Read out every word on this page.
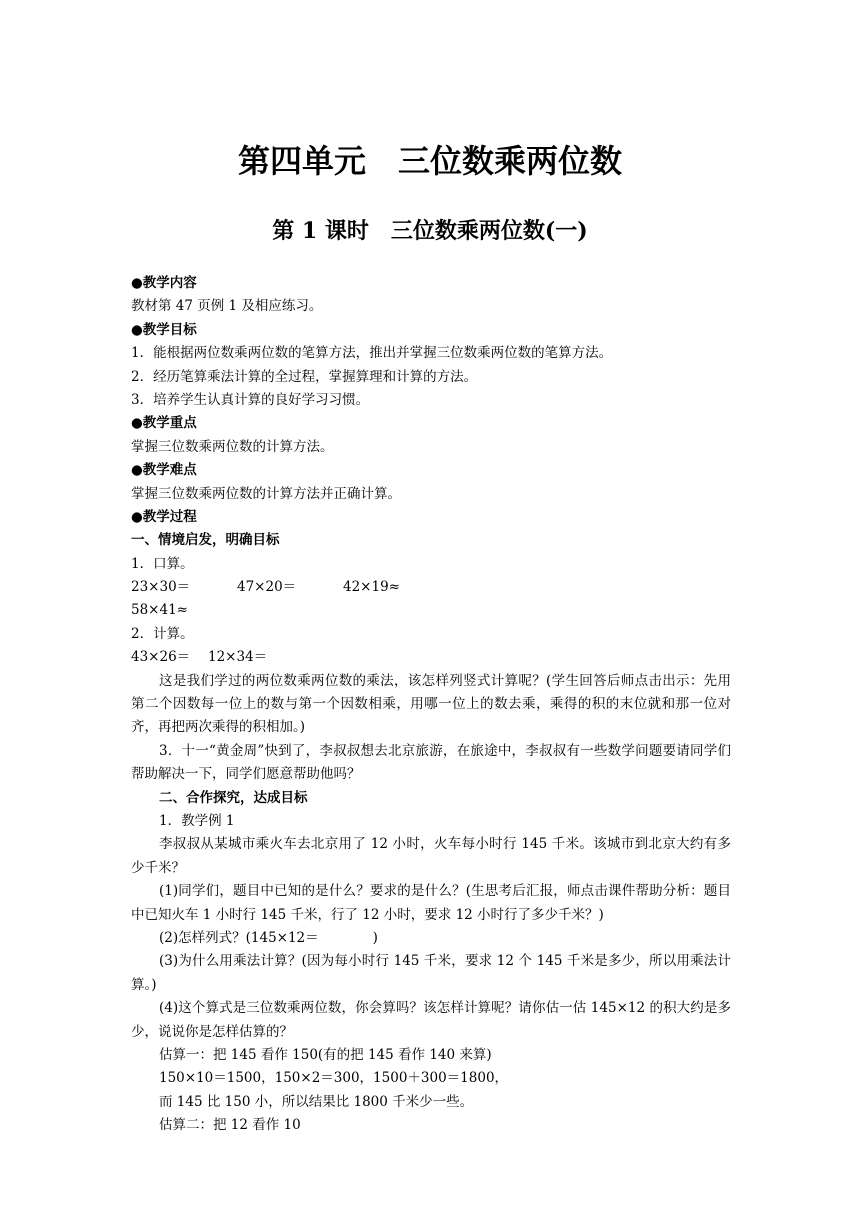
第四单元　三位数乘两位数
第 1 课时　三位数乘两位数(一)
●教学内容
教材第 47 页例 1 及相应练习。
●教学目标
1．能根据两位数乘两位数的笔算方法，推出并掌握三位数乘两位数的笔算方法。
2．经历笔算乘法计算的全过程，掌握算理和计算的方法。
3．培养学生认真计算的良好学习习惯。
●教学重点
掌握三位数乘两位数的计算方法。
●教学难点
掌握三位数乘两位数的计算方法并正确计算。
●教学过程
一、情境启发，明确目标
1．口算。
23×30＝	47×20＝	42×19≈
58×41≈
2．计算。
43×26＝ 12×34＝
这是我们学过的两位数乘两位数的乘法，该怎样列竖式计算呢？(学生回答后师点击出示：先用第二个因数每一位上的数与第一个因数相乘，用哪一位上的数去乘，乘得的积的末位就和那一位对齐，再把两次乘得的积相加。)
3．十一“黄金周”快到了，李叔叔想去北京旅游，在旅途中，李叔叔有一些数学问题要请同学们帮助解决一下，同学们愿意帮助他吗？
二、合作探究，达成目标
1．教学例 1
李叔叔从某城市乘火车去北京用了 12 小时，火车每小时行 145 千米。该城市到北京大约有多少千米？
(1)同学们，题目中已知的是什么？要求的是什么？(生思考后汇报，师点击课件帮助分析：题目中已知火车 1 小时行 145 千米，行了 12 小时，要求 12 小时行了多少千米？)
(2)怎样列式？(145×12＝	)
(3)为什么用乘法计算？(因为每小时行 145 千米，要求 12 个 145 千米是多少，所以用乘法计算。)
(4)这个算式是三位数乘两位数，你会算吗？该怎样计算呢？请你估一估 145×12 的积大约是多少，说说你是怎样估算的？
估算一：把 145 看作 150(有的把 145 看作 140 来算)
150×10＝1500，150×2＝300，1500＋300＝1800，
而 145 比 150 小，所以结果比 1800 千米少一些。
估算二：把 12 看作 10
